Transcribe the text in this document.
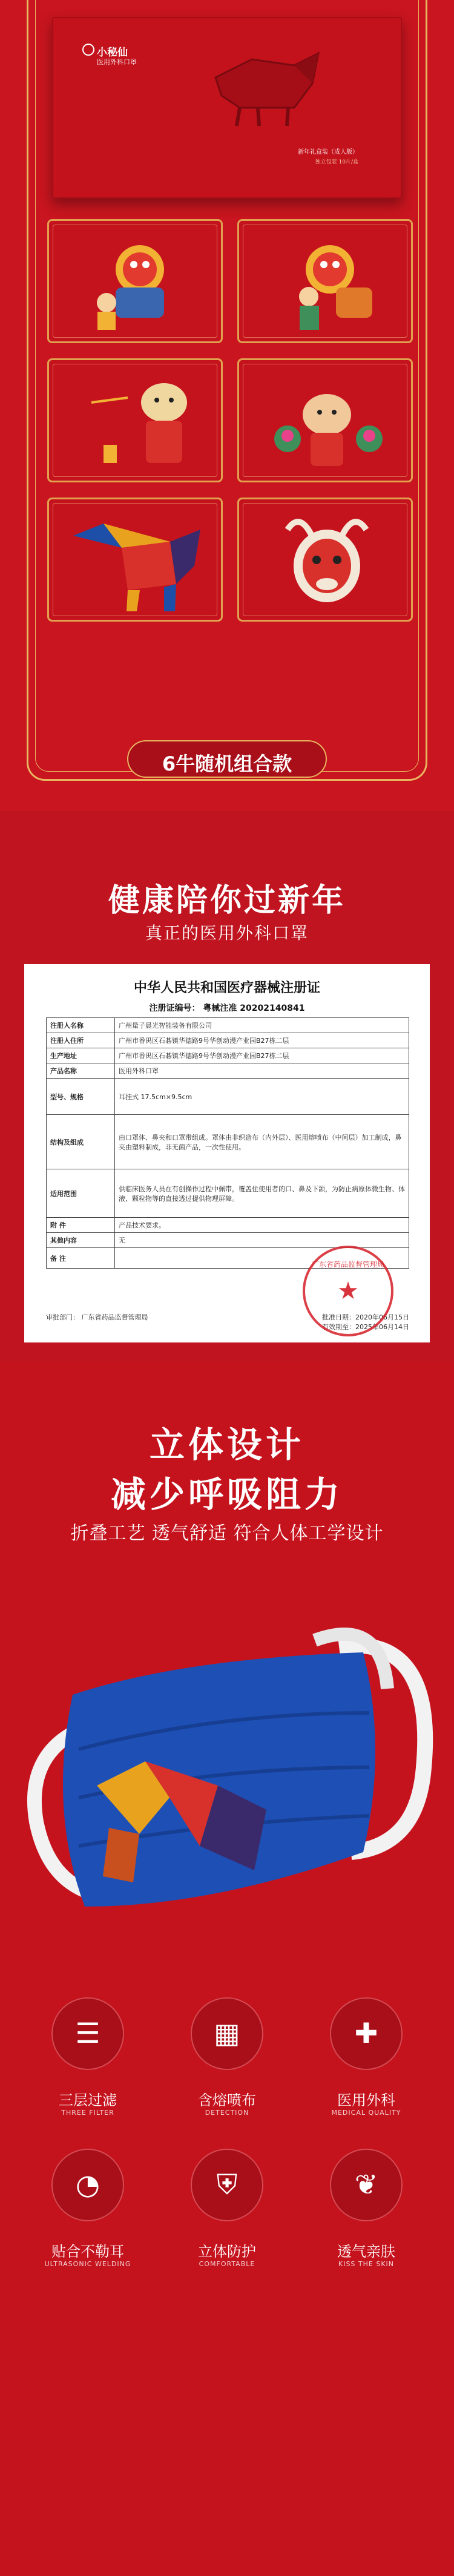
小秘仙
医用外科口罩
新年礼盒装（成人版）
独立包装 10片/盒
6牛随机组合款
健康陪你过新年
真正的医用外科口罩
中华人民共和国医疗器械注册证
注册证编号： 粤械注准 20202140841
注册人名称	广州量子晨光智能装备有限公司
注册人住所	广州市番禺区石碁镇华德路9号华创动漫产业园B27栋二层
生产地址	广州市番禺区石碁镇华德路9号华创动漫产业园B27栋二层
产品名称	医用外科口罩
型号、规格	耳挂式 17.5cm×9.5cm
结构及组成	由口罩体、鼻夹和口罩带组成。罩体由非织造布（内外层）、医用熔喷布（中间层）加工制成，鼻夹由塑料制成，非无菌产品，一次性使用。
适用范围	供临床医务人员在有创操作过程中佩带，覆盖住使用者的口、鼻及下颌，为防止病原体微生物、体液、颗粒物等的直接透过提供物理屏障。
附 件	产品技术要求。
其他内容	无
备 注	
审批部门： 广东省药品监督管理局	批准日期：2020年06月15日
有效期至：2025年06月14日
广东省药品监督管理局
★
立体设计
减少呼吸阻力
折叠工艺 透气舒适 符合人体工学设计
☰
三层过滤
THREE FILTER
▦
含熔喷布
DETECTION
✚
医用外科
MEDICAL QUALITY
◔
贴合不勒耳
ULTRASONIC WELDING
⛨
立体防护
COMFORTABLE
❦
透气亲肤
KISS THE SKIN
